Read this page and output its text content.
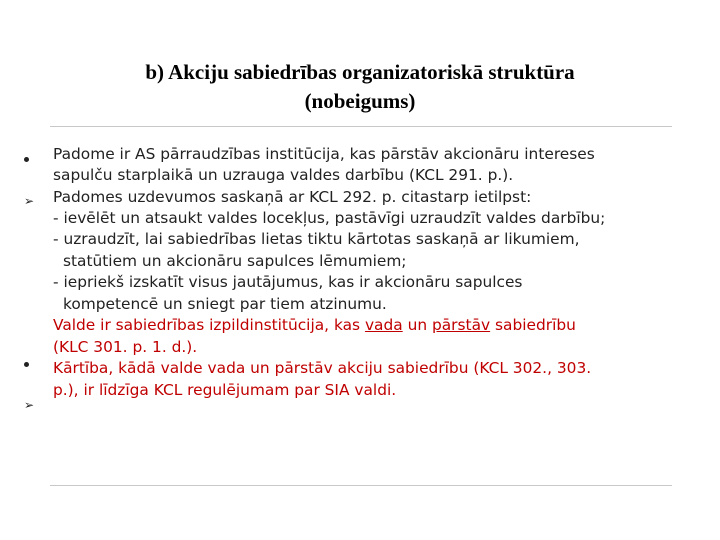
b) Akciju sabiedrības organizatoriskā struktūra
(nobeigums)
➢
➢
Padome ir AS pārraudzības institūcija, kas pārstāv akcionāru intereses
sapulču starplaikā un uzrauga valdes darbību (KCL 291. p.).
Padomes uzdevumos saskaņā ar KCL 292. p. citastarp ietilpst:
- ievēlēt un atsaukt valdes locekļus, pastāvīgi uzraudzīt valdes darbību;
- uzraudzīt, lai sabiedrības lietas tiktu kārtotas saskaņā ar likumiem,
statūtiem un akcionāru sapulces lēmumiem;
- iepriekš izskatīt visus jautājumus, kas ir akcionāru sapulces
kompetencē un sniegt par tiem atzinumu.
Valde ir sabiedrības izpildinstitūcija, kas vada un pārstāv sabiedrību
(KLC 301. p. 1. d.).
Kārtība, kādā valde vada un pārstāv akciju sabiedrību (KCL 302., 303.
p.), ir līdzīga KCL regulējumam par SIA valdi.
